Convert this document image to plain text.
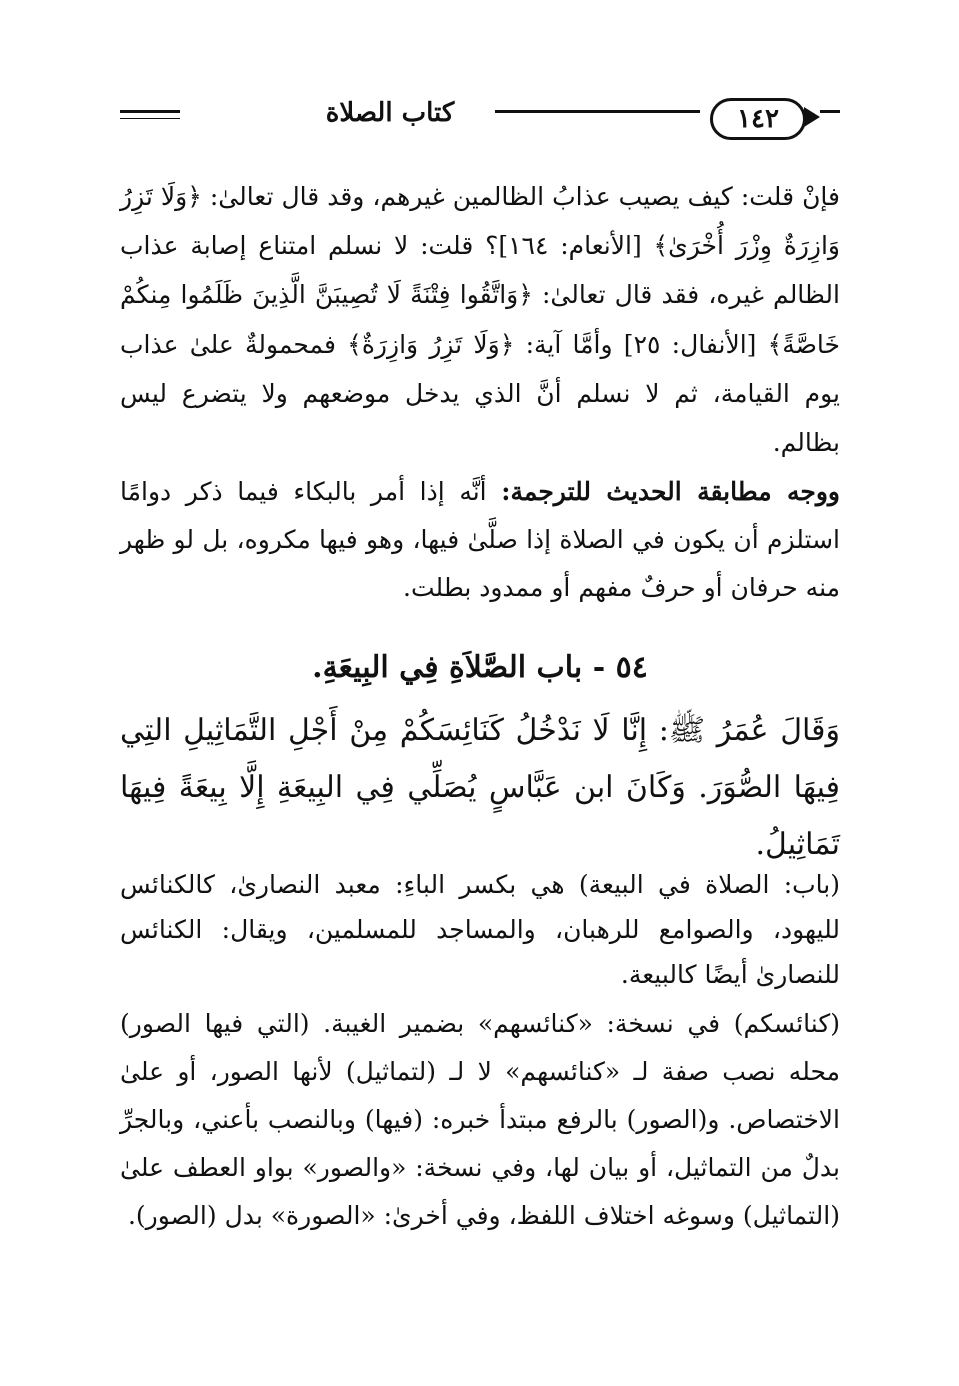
كتاب الصلاة	١٤٢
فإنْ قلت: كيف يصيب عذابُ الظالمين غيرهم، وقد قال تعالىٰ: ﴿وَلَا تَزِرُ وَازِرَةٌ وِزْرَ أُخْرَىٰ﴾ [الأنعام: ١٦٤]؟ قلت: لا نسلم امتناع إصابة عذاب الظالم غيره، فقد قال تعالىٰ: ﴿وَاتَّقُوا فِتْنَةً لَا تُصِيبَنَّ الَّذِينَ ظَلَمُوا مِنكُمْ خَاصَّةً﴾ [الأنفال: ٢٥] وأمَّا آية: ﴿وَلَا تَزِرُ وَازِرَةٌ﴾ فمحمولةٌ علىٰ عذاب يوم القيامة، ثم لا نسلم أنَّ الذي يدخل موضعهم ولا يتضرع ليس بظالم.
ووجه مطابقة الحديث للترجمة: أنَّه إذا أمر بالبكاء فيما ذكر دوامًا استلزم أن يكون في الصلاة إذا صلَّىٰ فيها، وهو فيها مكروه، بل لو ظهر منه حرفان أو حرفٌ مفهم أو ممدود بطلت.
٥٤ - باب الصَّلاَةِ فِي البِيعَةِ.
وَقَالَ عُمَرُ ﷺ: إِنَّا لَا نَدْخُلُ كَنَائِسَكُمْ مِنْ أَجْلِ التَّمَاثِيلِ التِي فِيهَا الصُّوَرَ. وَكَانَ ابن عَبَّاسٍ يُصَلِّي فِي البِيعَةِ إِلَّا بِيعَةً فِيهَا تَمَاثِيلُ.
(باب: الصلاة في البيعة) هي بكسر الباءِ: معبد النصارىٰ، كالكنائس لليهود، والصوامع للرهبان، والمساجد للمسلمين، ويقال: الكنائس للنصارىٰ أيضًا كالبيعة.
(كنائسكم) في نسخة: «كنائسهم» بضمير الغيبة. (التي فيها الصور) محله نصب صفة لـ «كنائسهم» لا لـ (لتماثيل) لأنها الصور، أو علىٰ الاختصاص. و(الصور) بالرفع مبتدأ خبره: (فيها) وبالنصب بأعني، وبالجرِّ بدلٌ من التماثيل، أو بيان لها، وفي نسخة: «والصور» بواو العطف علىٰ (التماثيل) وسوغه اختلاف اللفظ، وفي أخرىٰ: «الصورة» بدل (الصور).
